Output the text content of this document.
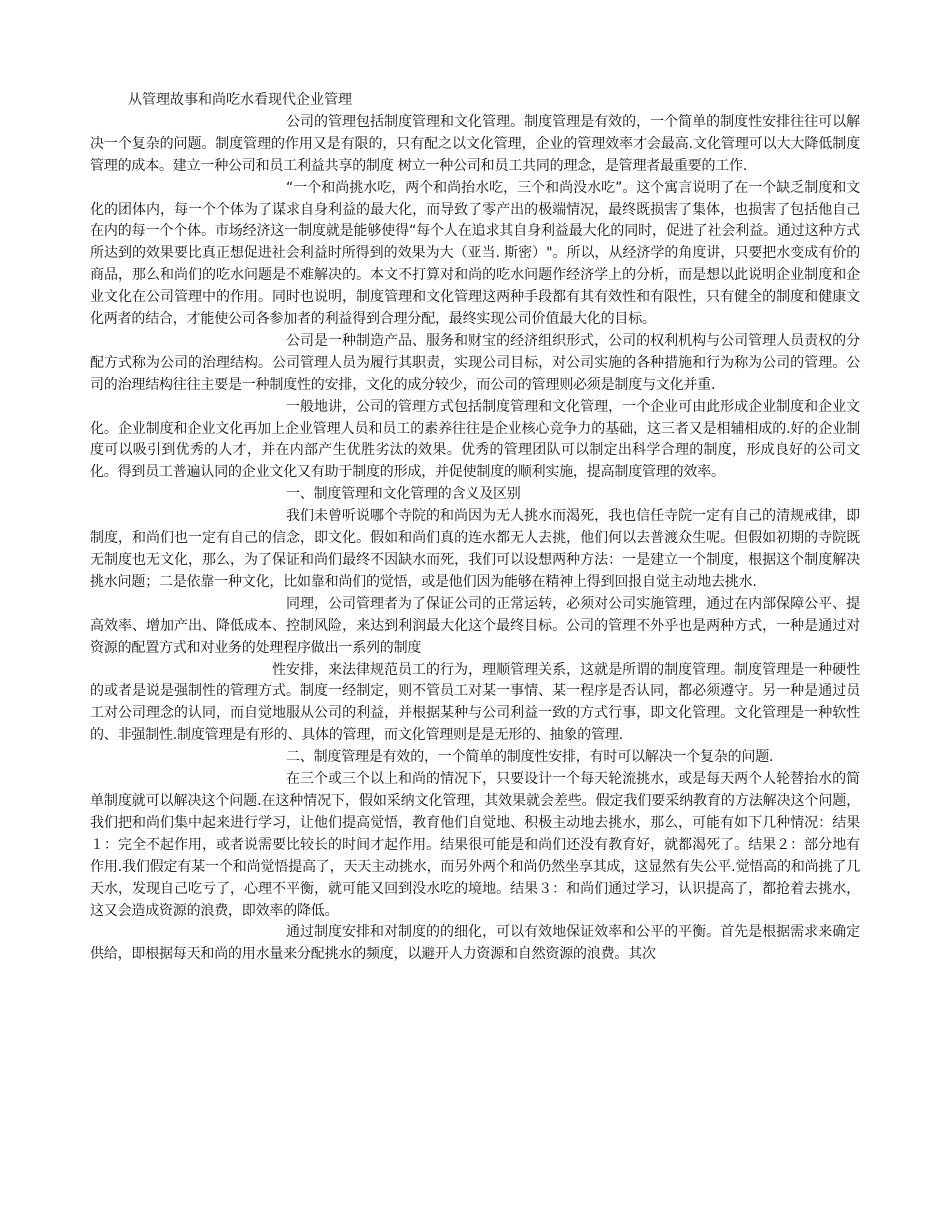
从管理故事和尚吃水看现代企业管理

公司的管理包括制度管理和文化管理。制度管理是有效的，一个简单的制度性安排往往可以解决一个复杂的问题。制度管理的作用又是有限的，只有配之以文化管理，企业的管理效率才会最高.文化管理可以大大降低制度管理的成本。建立一种公司和员工利益共享的制度 树立一种公司和员工共同的理念，是管理者最重要的工作.

“一个和尚挑水吃，两个和尚抬水吃，三个和尚没水吃”。这个寓言说明了在一个缺乏制度和文化的团体内，每一个个体为了谋求自身利益的最大化，而导致了零产出的极端情况，最终既损害了集体，也损害了包括他自己在内的每一个个体。市场经济这一制度就是能够使得“每个人在追求其自身利益最大化的同时，促进了社会利益。通过这种方式所达到的效果要比真正想促进社会利益时所得到的效果为大（亚当. 斯密）"。所以，从经济学的角度讲，只要把水变成有价的商品，那么和尚们的吃水问题是不难解决的。本文不打算对和尚的吃水问题作经济学上的分析，而是想以此说明企业制度和企业文化在公司管理中的作用。同时也说明，制度管理和文化管理这两种手段都有其有效性和有限性，只有健全的制度和健康文化两者的结合，才能使公司各参加者的利益得到合理分配，最终实现公司价值最大化的目标。

公司是一种制造产品、服务和财宝的经济组织形式，公司的权利机构与公司管理人员责权的分配方式称为公司的治理结构。公司管理人员为履行其职责，实现公司目标，对公司实施的各种措施和行为称为公司的管理。公司的治理结构往往主要是一种制度性的安排，文化的成分较少，而公司的管理则必须是制度与文化并重.

一般地讲，公司的管理方式包括制度管理和文化管理，一个企业可由此形成企业制度和企业文化。企业制度和企业文化再加上企业管理人员和员工的素养往往是企业核心竞争力的基础，这三者又是相辅相成的.好的企业制度可以吸引到优秀的人才，并在内部产生优胜劣汰的效果。优秀的管理团队可以制定出科学合理的制度，形成良好的公司文化。得到员工普遍认同的企业文化又有助于制度的形成，并促使制度的顺利实施，提高制度管理的效率。

一、制度管理和文化管理的含义及区别

我们未曾听说哪个寺院的和尚因为无人挑水而渴死，我也信任寺院一定有自己的清规戒律，即制度，和尚们也一定有自己的信念，即文化。假如和尚们真的连水都无人去挑，他们何以去普渡众生呢。但假如初期的寺院既无制度也无文化，那么，为了保证和尚们最终不因缺水而死，我们可以设想两种方法：一是建立一个制度，根据这个制度解决挑水问题；二是依靠一种文化，比如靠和尚们的觉悟，或是他们因为能够在精神上得到回报自觉主动地去挑水.

同理，公司管理者为了保证公司的正常运转，必须对公司实施管理，通过在内部保障公平、提高效率、增加产出、降低成本、控制风险，来达到利润最大化这个最终目标。公司的管理不外乎也是两种方式，一种是通过对资源的配置方式和对业务的处理程序做出一系列的制度

性安排，来法律规范员工的行为，理顺管理关系，这就是所谓的制度管理。制度管理是一种硬性的或者是说是强制性的管理方式。制度一经制定，则不管员工对某一事情、某一程序是否认同，都必须遵守。另一种是通过员工对公司理念的认同，而自觉地服从公司的利益，并根据某种与公司利益一致的方式行事，即文化管理。文化管理是一种软性的、非强制性.制度管理是有形的、具体的管理，而文化管理则是是无形的、抽象的管理.

二、制度管理是有效的，一个简单的制度性安排，有时可以解决一个复杂的问题.

在三个或三个以上和尚的情况下，只要设计一个每天轮流挑水，或是每天两个人轮替抬水的简单制度就可以解决这个问题.在这种情况下，假如采纳文化管理，其效果就会差些。假定我们要采纳教育的方法解决这个问题，我们把和尚们集中起来进行学习，让他们提高觉悟，教育他们自觉地、积极主动地去挑水，那么，可能有如下几种情况：结果１：完全不起作用，或者说需要比较长的时间才起作用。结果很可能是和尚们还没有教育好，就都渴死了。结果２：部分地有作用.我们假定有某一个和尚觉悟提高了，天天主动挑水，而另外两个和尚仍然坐享其成，这显然有失公平.觉悟高的和尚挑了几天水，发现自己吃亏了，心理不平衡，就可能又回到没水吃的境地。结果３：和尚们通过学习，认识提高了，都抢着去挑水，这又会造成资源的浪费，即效率的降低。

通过制度安排和对制度的的细化，可以有效地保证效率和公平的平衡。首先是根据需求来确定供给，即根据每天和尚的用水量来分配挑水的频度，以避开人力资源和自然资源的浪费。其次
